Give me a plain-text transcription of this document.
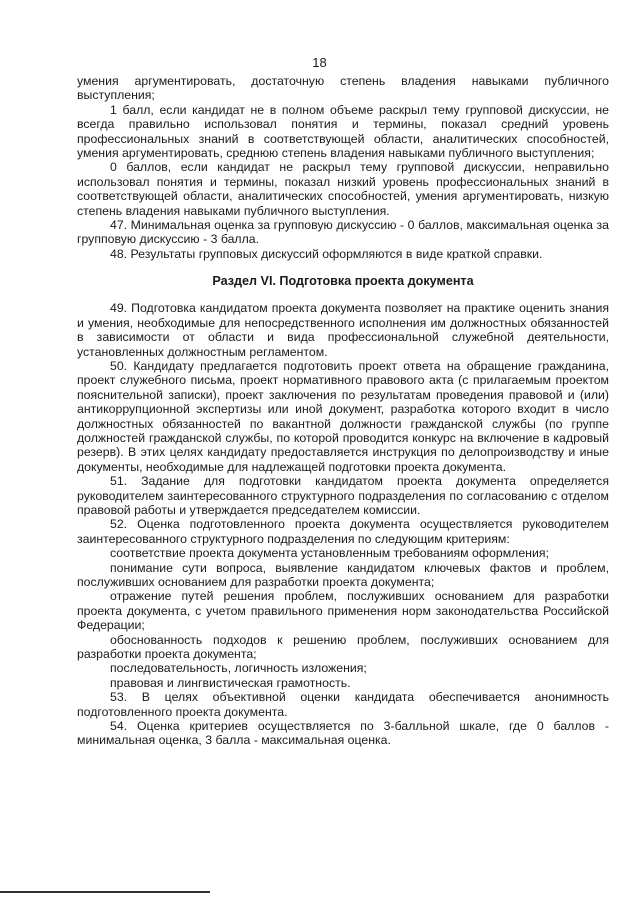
18

умения аргументировать, достаточную степень владения навыками публичного выступления;

1 балл, если кандидат не в полном объеме раскрыл тему групповой дискуссии, не всегда правильно использовал понятия и термины, показал средний уровень профессиональных знаний в соответствующей области, аналитических способностей, умения аргументировать, среднюю степень владения навыками публичного выступления;

0 баллов, если кандидат не раскрыл тему групповой дискуссии, неправильно использовал понятия и термины, показал низкий уровень профессиональных знаний в соответствующей области, аналитических способностей, умения аргументировать, низкую степень владения навыками публичного выступления.

47. Минимальная оценка за групповую дискуссию - 0 баллов, максимальная оценка за групповую дискуссию - 3 балла.

48. Результаты групповых дискуссий оформляются в виде краткой справки.

Раздел VI. Подготовка проекта документа

49. Подготовка кандидатом проекта документа позволяет на практике оценить знания и умения, необходимые для непосредственного исполнения им должностных обязанностей в зависимости от области и вида профессиональной служебной деятельности, установленных должностным регламентом.

50. Кандидату предлагается подготовить проект ответа на обращение гражданина, проект служебного письма, проект нормативного правового акта (с прилагаемым проектом пояснительной записки), проект заключения по результатам проведения правовой и (или) антикоррупционной экспертизы или иной документ, разработка которого входит в число должностных обязанностей по вакантной должности гражданской службы (по группе должностей гражданской службы, по которой проводится конкурс на включение в кадровый резерв). В этих целях кандидату предоставляется инструкция по делопроизводству и иные документы, необходимые для надлежащей подготовки проекта документа.

51. Задание для подготовки кандидатом проекта документа определяется руководителем заинтересованного структурного подразделения по согласованию с отделом правовой работы и утверждается председателем комиссии.

52. Оценка подготовленного проекта документа осуществляется руководителем заинтересованного структурного подразделения по следующим критериям:

соответствие проекта документа установленным требованиям оформления;

понимание сути вопроса, выявление кандидатом ключевых фактов и проблем, послуживших основанием для разработки проекта документа;

отражение путей решения проблем, послуживших основанием для разработки проекта документа, с учетом правильного применения норм законодательства Российской Федерации;

обоснованность подходов к решению проблем, послуживших основанием для разработки проекта документа;

последовательность, логичность изложения;

правовая и лингвистическая грамотность.

53. В целях объективной оценки кандидата обеспечивается анонимность подготовленного проекта документа.

54. Оценка критериев осуществляется по 3-балльной шкале, где 0 баллов - минимальная оценка, 3 балла - максимальная оценка.
